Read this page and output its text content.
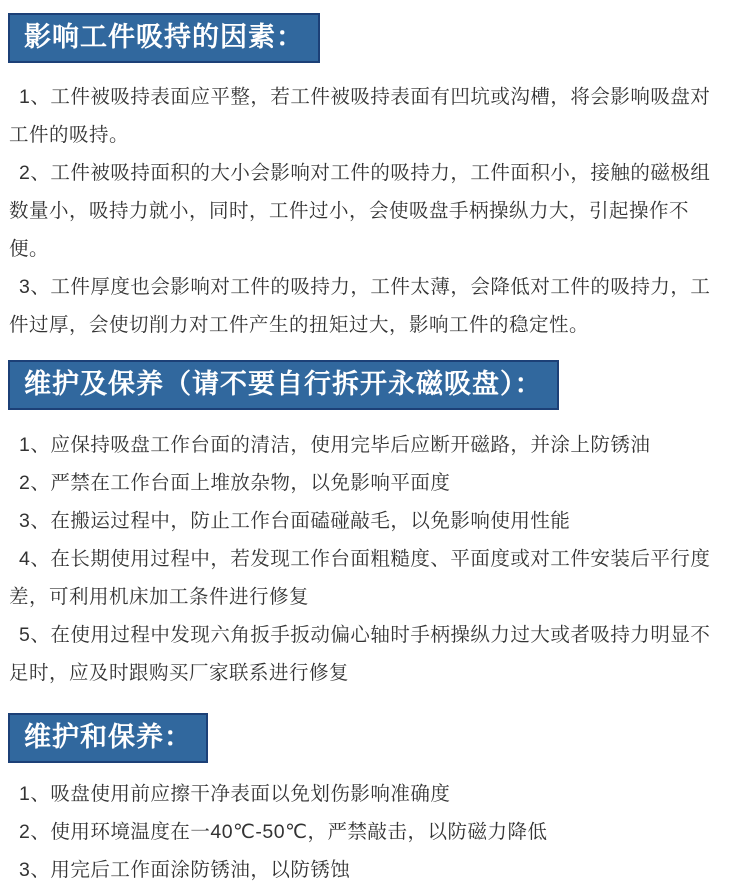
影响工件吸持的因素：

1、工件被吸持表面应平整，若工件被吸持表面有凹坑或沟槽，将会影响吸盘对工件的吸持。

2、工件被吸持面积的大小会影响对工件的吸持力，工件面积小，接触的磁极组数量小，吸持力就小，同时，工件过小，会使吸盘手柄操纵力大，引起操作不便。

3、工件厚度也会影响对工件的吸持力，工件太薄，会降低对工件的吸持力，工件过厚，会使切削力对工件产生的扭矩过大，影响工件的稳定性。

维护及保养（请不要自行拆开永磁吸盘）：

1、应保持吸盘工作台面的清洁，使用完毕后应断开磁路，并涂上防锈油

2、严禁在工作台面上堆放杂物，以免影响平面度

3、在搬运过程中，防止工作台面磕碰敲毛，以免影响使用性能

4、在长期使用过程中，若发现工作台面粗糙度、平面度或对工件安装后平行度差，可利用机床加工条件进行修复

5、在使用过程中发现六角扳手扳动偏心轴时手柄操纵力过大或者吸持力明显不足时，应及时跟购买厂家联系进行修复

维护和保养：

1、吸盘使用前应擦干净表面以免划伤影响准确度

2、使用环境温度在一40℃-50℃，严禁敲击，以防磁力降低

3、用完后工作面涂防锈油，以防锈蚀
